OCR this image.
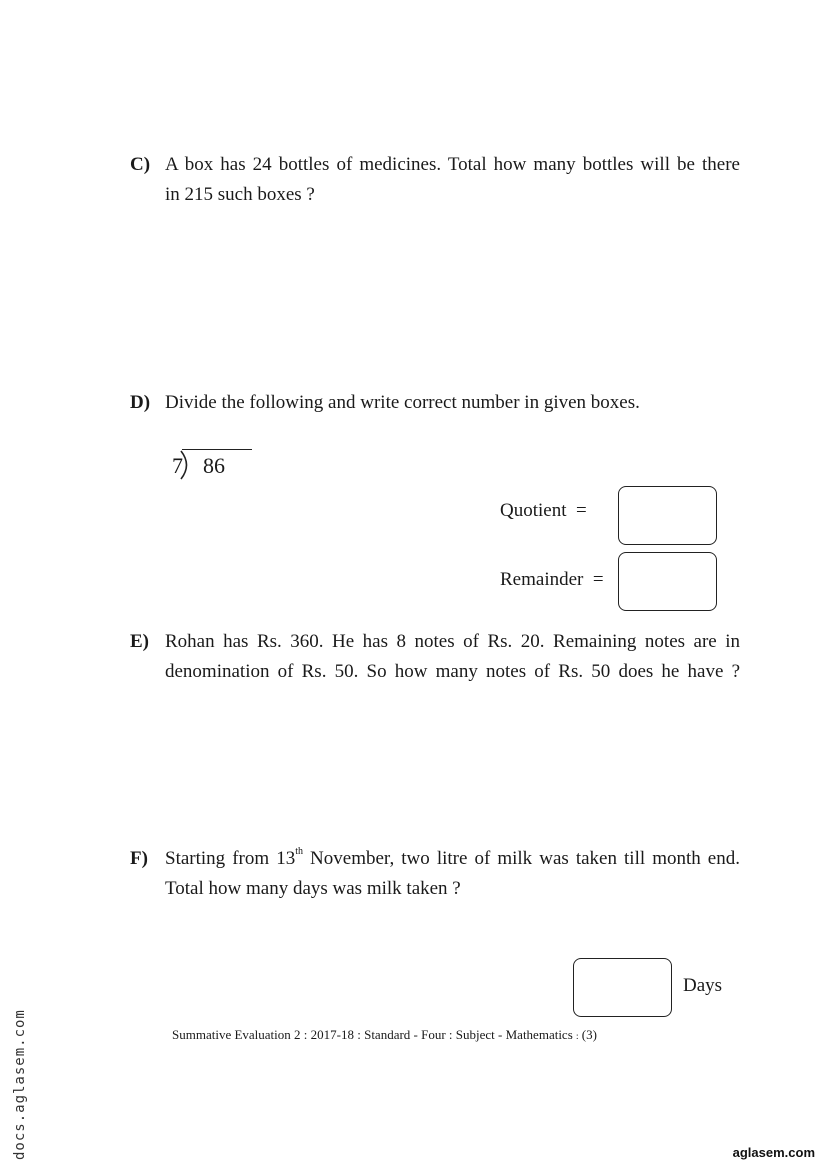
C) A box has 24 bottles of medicines. Total how many bottles will be there
in 215 such boxes ?
D) Divide the following and write correct number in given boxes.
7 86
Quotient =
Remainder =
E) Rohan has Rs. 360. He has 8 notes of Rs. 20. Remaining notes are in
denomination of Rs. 50. So how many notes of Rs. 50 does he have ?
F) Starting from 13th November, two litre of milk was taken till month end.
Total how many days was milk taken ?
Days
Summative Evaluation 2 : 2017-18 : Standard - Four : Subject - Mathematics : (3)
docs.aglasem.com	aglasem.com
